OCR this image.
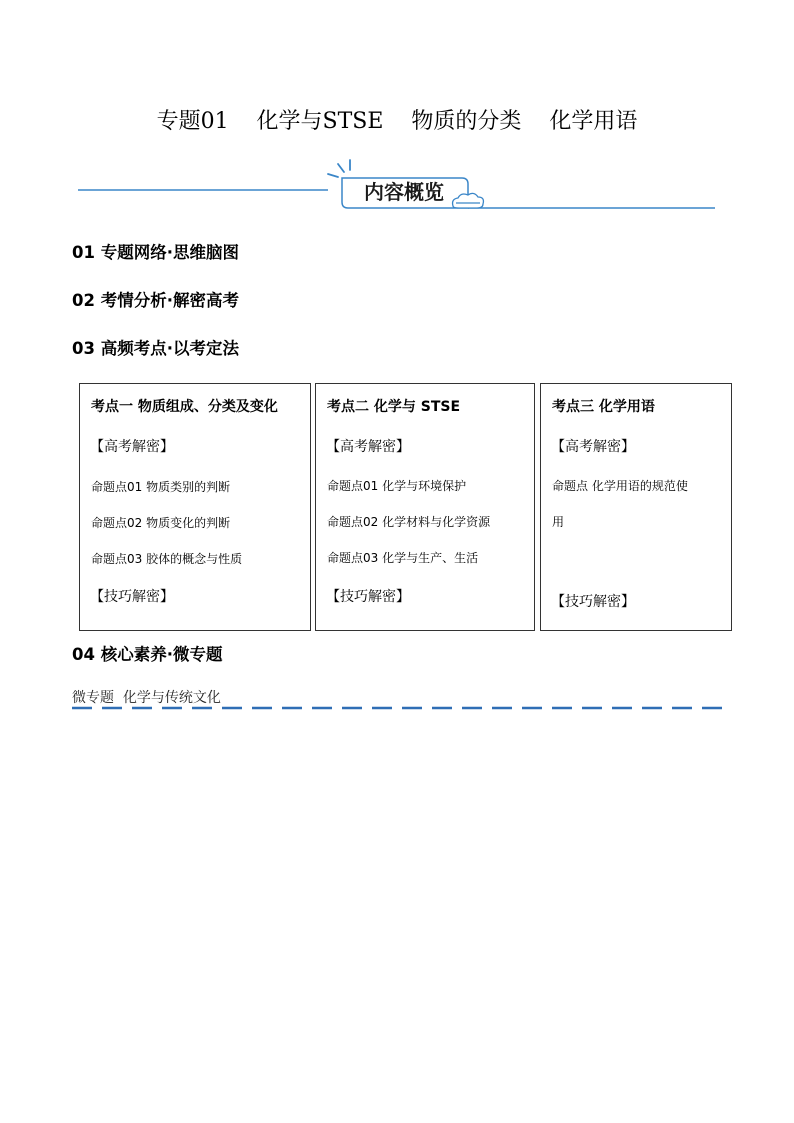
专题01    化学与STSE    物质的分类    化学用语
内容概览
01 专题网络·思维脑图
02 考情分析·解密高考
03 高频考点·以考定法
考点一 物质组成、分类及变化
【高考解密】
命题点01 物质类别的判断
命题点02 物质变化的判断
命题点03 胶体的概念与性质
【技巧解密】
考点二 化学与 STSE
【高考解密】
命题点01 化学与环境保护
命题点02 化学材料与化学资源
命题点03 化学与生产、生活
【技巧解密】
考点三 化学用语
【高考解密】
命题点 化学用语的规范使
用
【技巧解密】
04 核心素养·微专题
微专题  化学与传统文化
